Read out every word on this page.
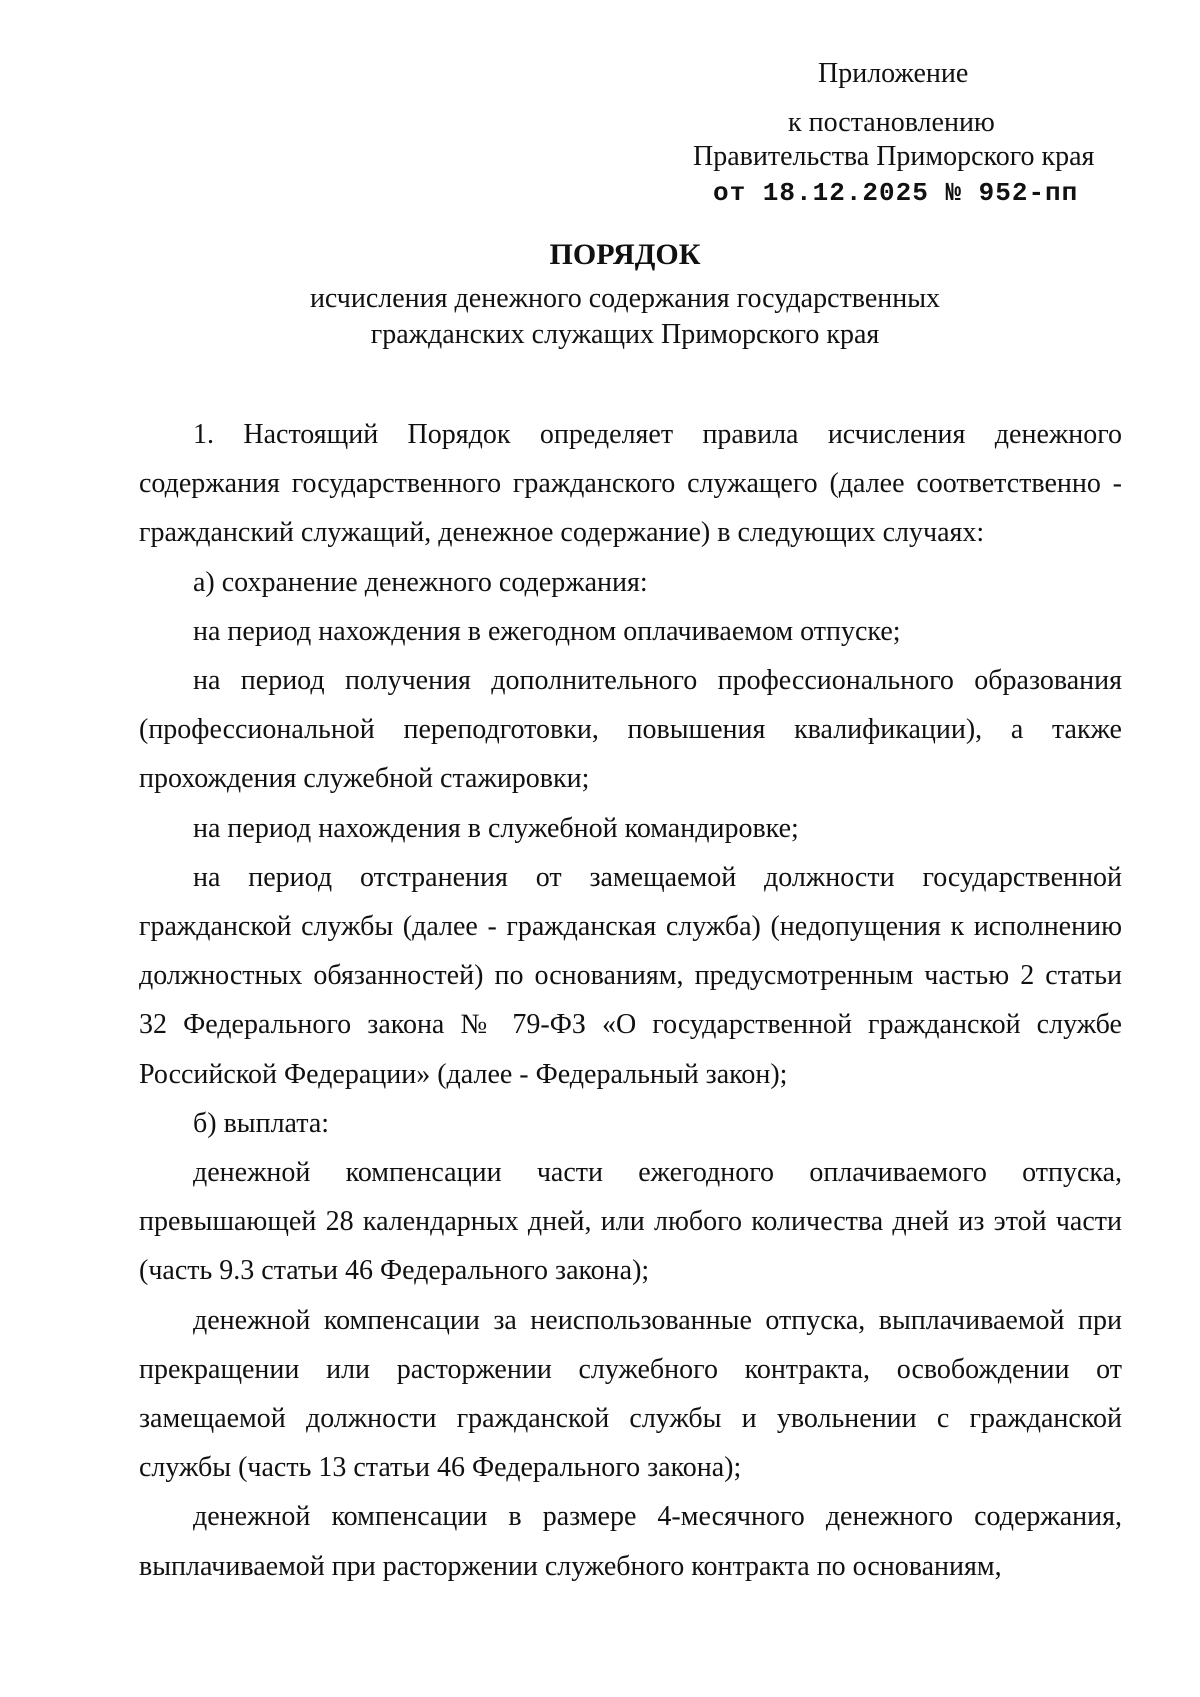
Приложение
к постановлению
Правительства Приморского края
от 18.12.2025 № 952-пп
ПОРЯДОК
исчисления денежного содержания государственных
гражданских служащих Приморского края

1. Настоящий Порядок определяет правила исчисления денежного содержания государственного гражданского служащего (далее соответственно - гражданский служащий, денежное содержание) в следующих случаях:

а) сохранение денежного содержания:

на период нахождения в ежегодном оплачиваемом отпуске;

на период получения дополнительного профессионального образования (профессиональной переподготовки, повышения квалификации), а также прохождения служебной стажировки;

на период нахождения в служебной командировке;

на период отстранения от замещаемой должности государственной гражданской службы (далее - гражданская служба) (недопущения к исполнению должностных обязанностей) по основаниям, предусмотренным частью 2 статьи 32 Федерального закона № 79-ФЗ «О государственной гражданской службе Российской Федерации» (далее - Федеральный закон);

б) выплата:

денежной компенсации части ежегодного оплачиваемого отпуска, превышающей 28 календарных дней, или любого количества дней из этой части (часть 9.3 статьи 46 Федерального закона);

денежной компенсации за неиспользованные отпуска, выплачиваемой при прекращении или расторжении служебного контракта, освобождении от замещаемой должности гражданской службы и увольнении с гражданской службы (часть 13 статьи 46 Федерального закона);

денежной компенсации в размере 4-месячного денежного содержания, выплачиваемой при расторжении служебного контракта по основаниям,
